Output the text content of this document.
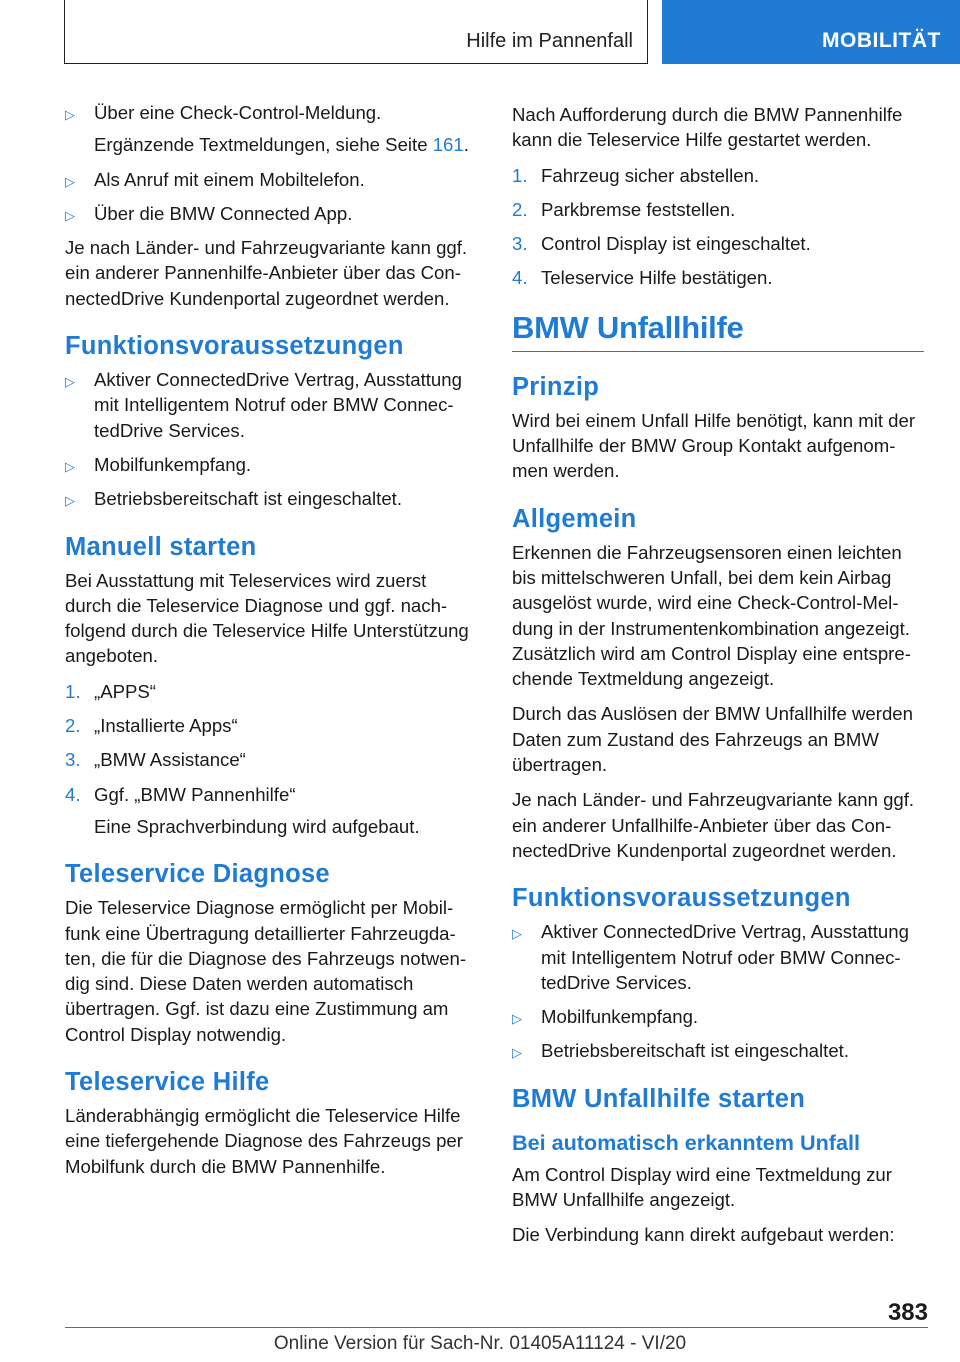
Hilfe im Pannenfall	MOBILITÄT
▷ Über eine Check-Control-Meldung.
Ergänzende Textmeldungen, siehe Seite 161.
▷ Als Anruf mit einem Mobiltelefon.
▷ Über die BMW Connected App.

Je nach Länder- und Fahrzeugvariante kann ggf. ein anderer Pannenhilfe-Anbieter über das ConnectedDrive Kundenportal zugeordnet werden.

Funktionsvoraussetzungen
▷ Aktiver ConnectedDrive Vertrag, Ausstattung mit Intelligentem Notruf oder BMW ConnectedDrive Services.
▷ Mobilfunkempfang.
▷ Betriebsbereitschaft ist eingeschaltet.
Manuell starten

Bei Ausstattung mit Teleservices wird zuerst durch die Teleservice Diagnose und ggf. nachfolgend durch die Teleservice Hilfe Unterstützung angeboten.

1. „APPS“
2. „Installierte Apps“
3. „BMW Assistance“
4. Ggf. „BMW Pannenhilfe“
Eine Sprachverbindung wird aufgebaut.
Teleservice Diagnose

Die Teleservice Diagnose ermöglicht per Mobilfunk eine Übertragung detaillierter Fahrzeugdaten, die für die Diagnose des Fahrzeugs notwendig sind. Diese Daten werden automatisch übertragen. Ggf. ist dazu eine Zustimmung am Control Display notwendig.

Teleservice Hilfe

Länderabhängig ermöglicht die Teleservice Hilfe eine tiefergehende Diagnose des Fahrzeugs per Mobilfunk durch die BMW Pannenhilfe.

Nach Aufforderung durch die BMW Pannenhilfe kann die Teleservice Hilfe gestartet werden.

1. Fahrzeug sicher abstellen.
2. Parkbremse feststellen.
3. Control Display ist eingeschaltet.
4. Teleservice Hilfe bestätigen.
BMW Unfallhilfe
Prinzip

Wird bei einem Unfall Hilfe benötigt, kann mit der Unfallhilfe der BMW Group Kontakt aufgenommen werden.

Allgemein

Erkennen die Fahrzeugsensoren einen leichten bis mittelschweren Unfall, bei dem kein Airbag ausgelöst wurde, wird eine Check-Control-Meldung in der Instrumentenkombination angezeigt. Zusätzlich wird am Control Display eine entsprechende Textmeldung angezeigt.

Durch das Auslösen der BMW Unfallhilfe werden Daten zum Zustand des Fahrzeugs an BMW übertragen.

Je nach Länder- und Fahrzeugvariante kann ggf. ein anderer Unfallhilfe-Anbieter über das ConnectedDrive Kundenportal zugeordnet werden.

Funktionsvoraussetzungen
▷ Aktiver ConnectedDrive Vertrag, Ausstattung mit Intelligentem Notruf oder BMW ConnectedDrive Services.
▷ Mobilfunkempfang.
▷ Betriebsbereitschaft ist eingeschaltet.
BMW Unfallhilfe starten
Bei automatisch erkanntem Unfall

Am Control Display wird eine Textmeldung zur BMW Unfallhilfe angezeigt.

Die Verbindung kann direkt aufgebaut werden:

383
Online Version für Sach-Nr. 01405A11124 - VI/20
